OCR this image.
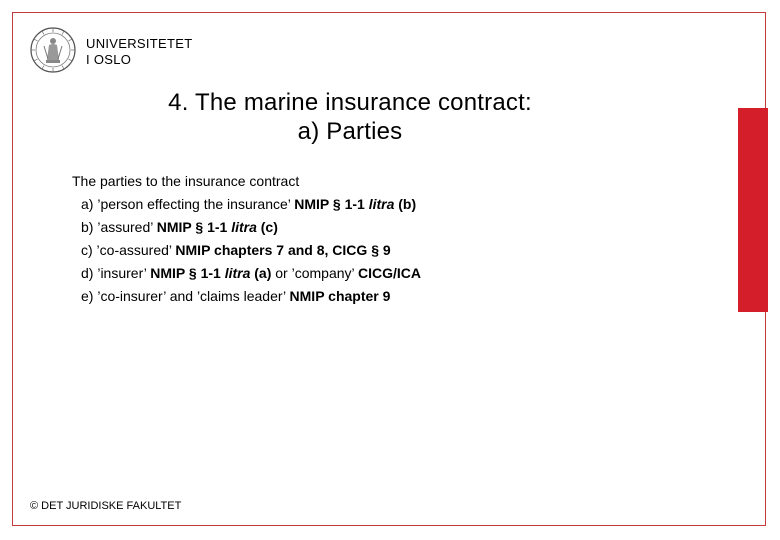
UNIVERSITETET
I OSLO
4. The marine insurance contract:
a) Parties
The parties to the insurance contract
a) ’person effecting the insurance’ NMIP § 1-1 litra (b)
b) ’assured’ NMIP § 1-1 litra (c)
c) ’co-assured’ NMIP chapters 7 and 8, CICG § 9
d) ’insurer’ NMIP § 1-1 litra (a) or ’company’ CICG/ICA
e) ’co-insurer’ and ’claims leader’ NMIP chapter 9
© DET JURIDISKE FAKULTET
